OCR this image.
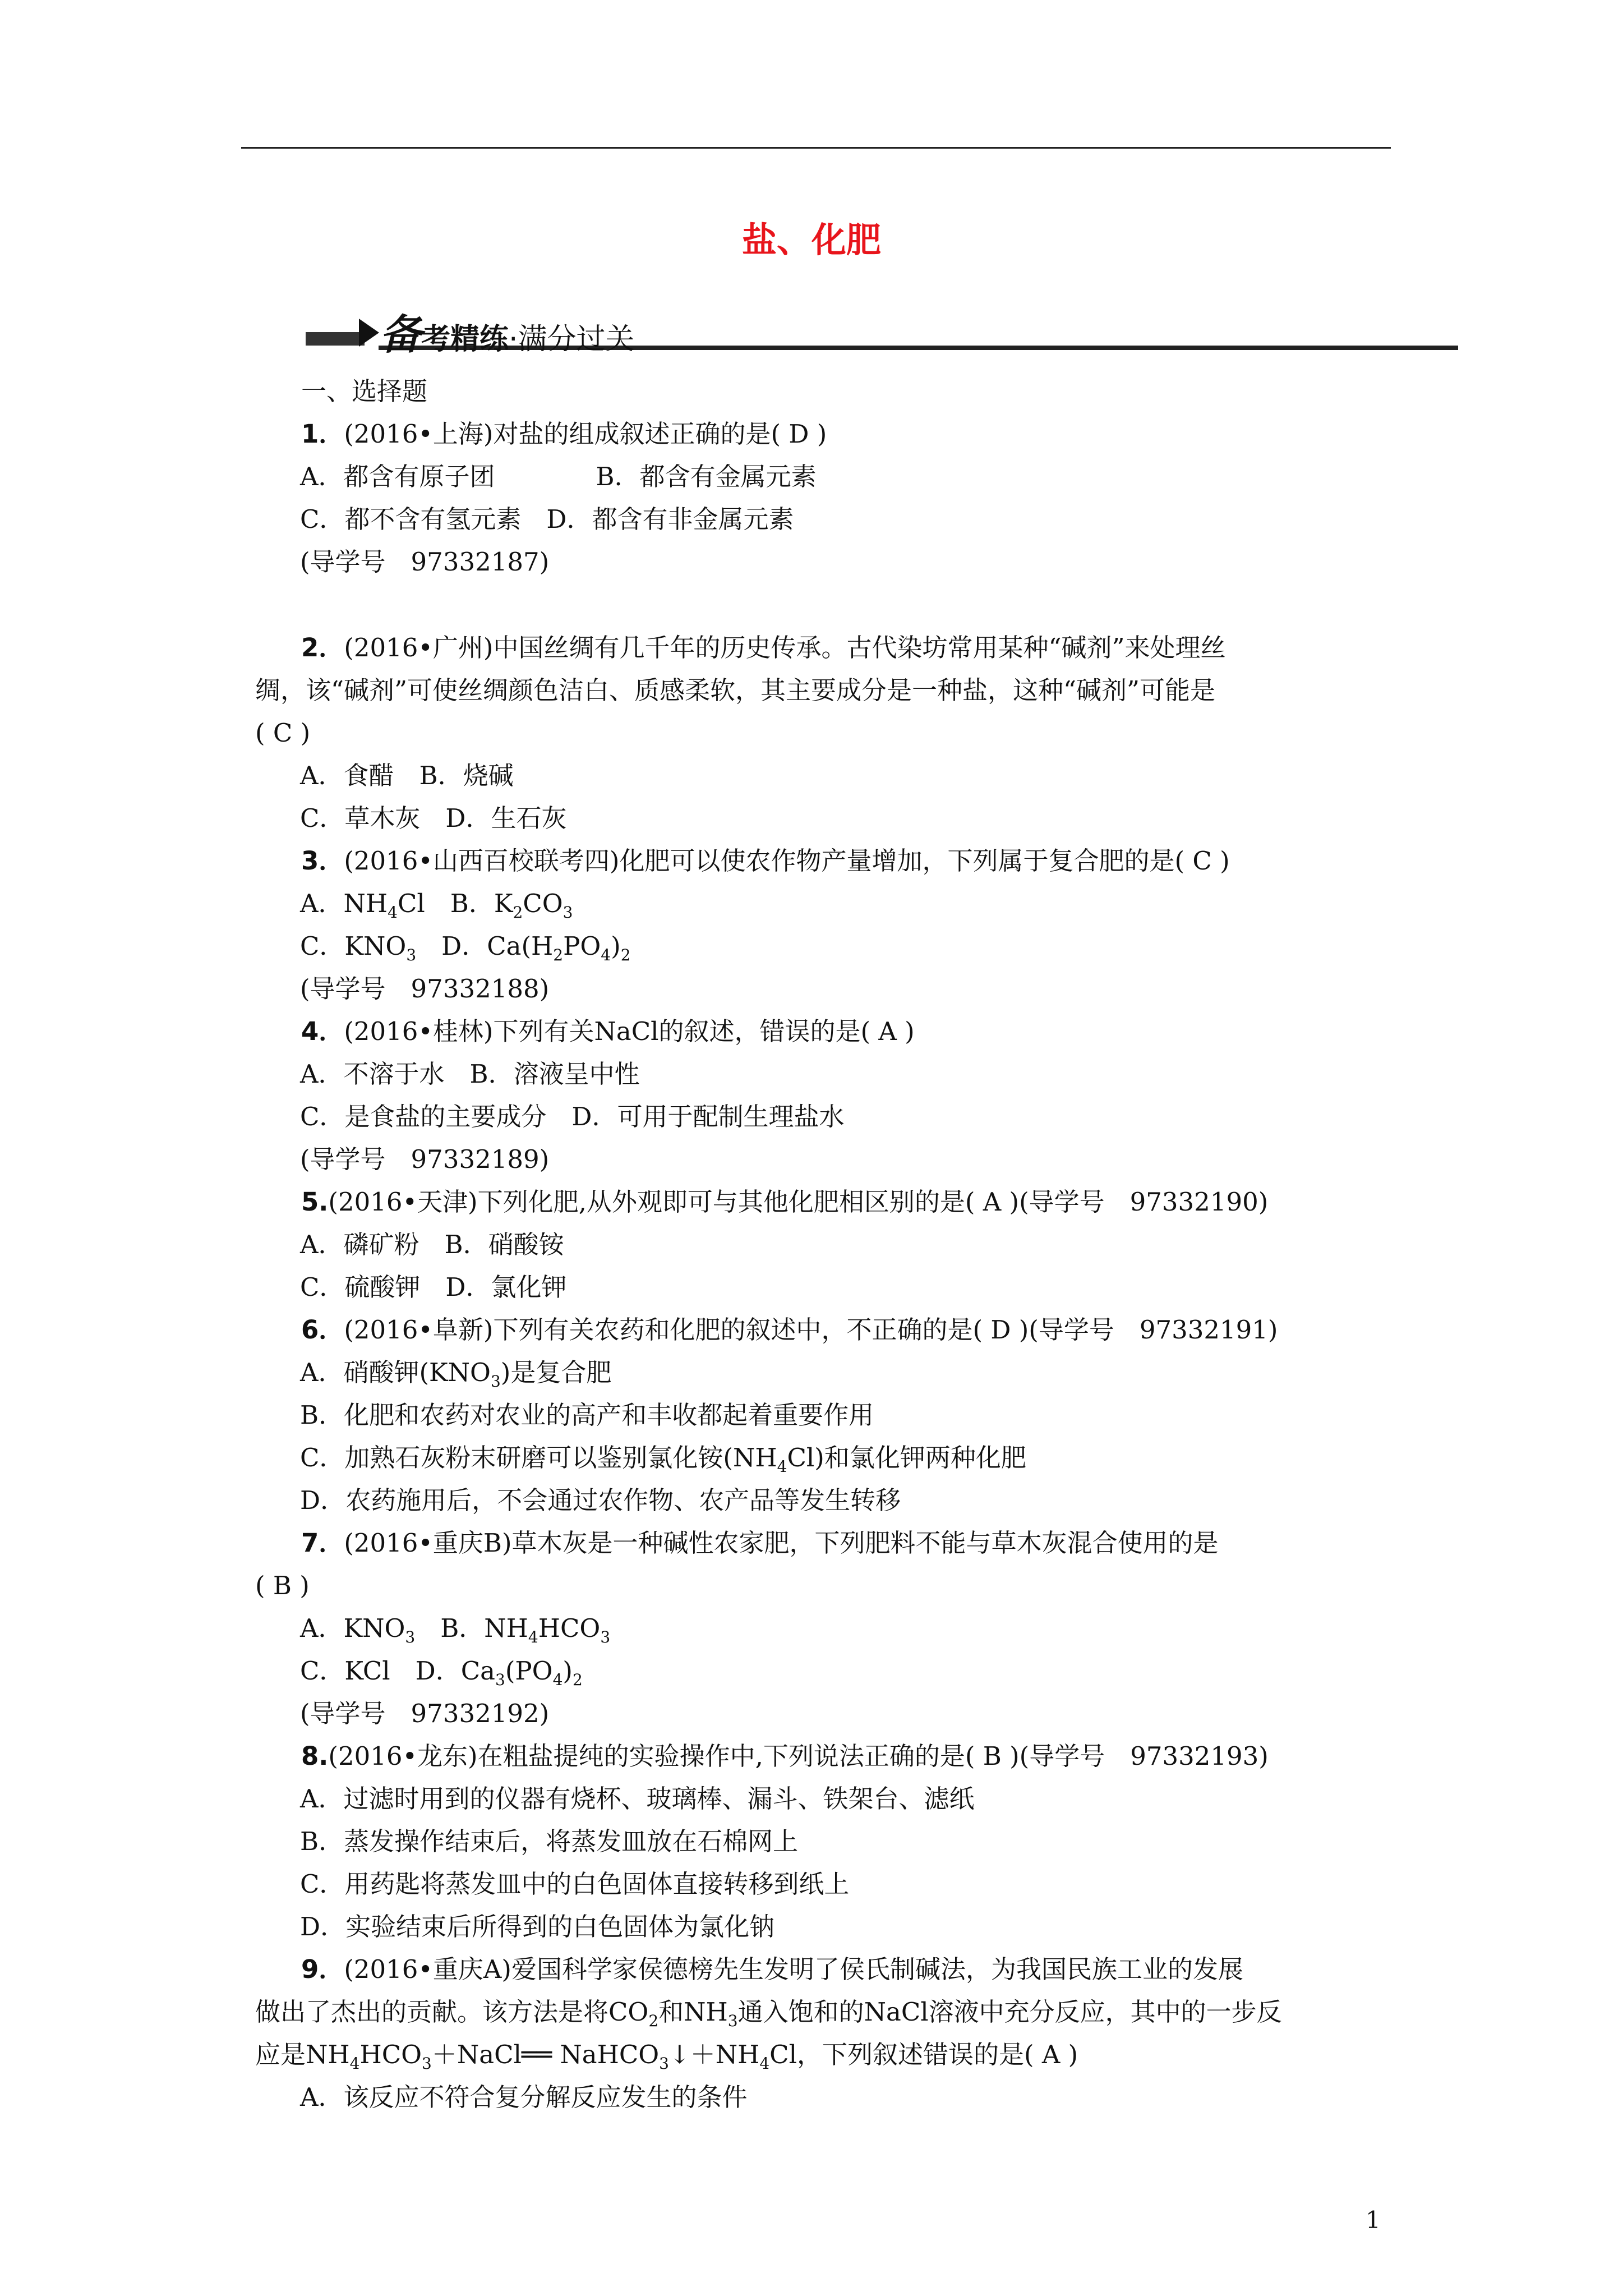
盐、化肥
备考精练·满分过关
一、选择题
1．(2016•上海)对盐的组成叙述正确的是( D )
A．都含有原子团　　　　B．都含有金属元素
C．都不含有氢元素　D．都含有非金属元素
(导学号　97332187)
2．(2016•广州)中国丝绸有几千年的历史传承。古代染坊常用某种“碱剂”来处理丝
绸，该“碱剂”可使丝绸颜色洁白、质感柔软，其主要成分是一种盐，这种“碱剂”可能是
( C )
A．食醋　B．烧碱
C．草木灰　D．生石灰
3．(2016•山西百校联考四)化肥可以使农作物产量增加，下列属于复合肥的是( C )
A．$NH_4Cl$　B．$K_2CO_3$
C．$KNO_3$　D．$Ca(H_2PO_4)_2$
(导学号　97332188)
4．(2016•桂林)下列有关NaCl的叙述，错误的是( A )
A．不溶于水　B．溶液呈中性
C．是食盐的主要成分　D．可用于配制生理盐水
(导学号　97332189)
5.(2016•天津)下列化肥,从外观即可与其他化肥相区别的是( A )(导学号　97332190)
A．磷矿粉　B．硝酸铵
C．硫酸钾　D．氯化钾
6．(2016•阜新)下列有关农药和化肥的叙述中，不正确的是( D )(导学号　97332191)
A．硝酸钾$(KNO_3)$是复合肥
B．化肥和农药对农业的高产和丰收都起着重要作用
C．加熟石灰粉末研磨可以鉴别氯化铵$(NH_4Cl)$和氯化钾两种化肥
D．农药施用后，不会通过农作物、农产品等发生转移
7．(2016•重庆B)草木灰是一种碱性农家肥，下列肥料不能与草木灰混合使用的是
( B )
A．$KNO_3$　B．$NH_4HCO_3$
C．KCl　D．$Ca_3(PO_4)_2$
(导学号　97332192)
8.(2016•龙东)在粗盐提纯的实验操作中,下列说法正确的是( B )(导学号　97332193)
A．过滤时用到的仪器有烧杯、玻璃棒、漏斗、铁架台、滤纸
B．蒸发操作结束后，将蒸发皿放在石棉网上
C．用药匙将蒸发皿中的白色固体直接转移到纸上
D．实验结束后所得到的白色固体为氯化钠
9．(2016•重庆A)爱国科学家侯德榜先生发明了侯氏制碱法，为我国民族工业的发展
做出了杰出的贡献。该方法是将$CO_2$和$NH_3$通入饱和的NaCl溶液中充分反应，其中的一步反
应是$NH_4HCO_3+NaCl══$ $NaHCO_3↓+NH_4Cl$，下列叙述错误的是( A )
A．该反应不符合复分解反应发生的条件
1
